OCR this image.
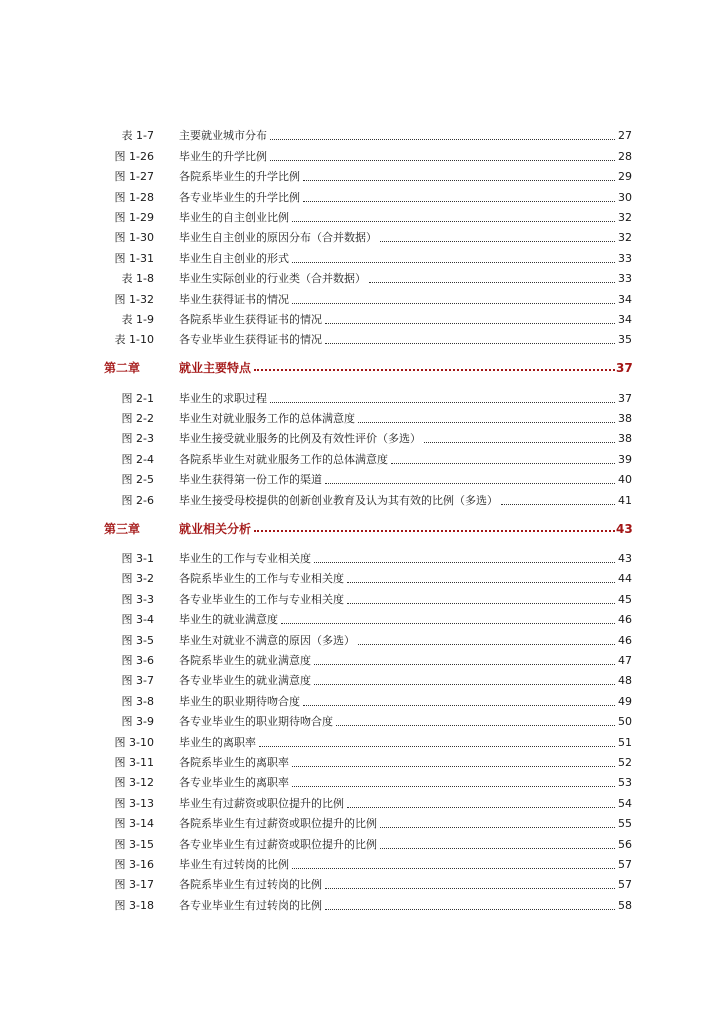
表 1-7	主要就业城市分布	27
图 1-26	毕业生的升学比例	28
图 1-27	各院系毕业生的升学比例	29
图 1-28	各专业毕业生的升学比例	30
图 1-29	毕业生的自主创业比例	32
图 1-30	毕业生自主创业的原因分布（合并数据）	32
图 1-31	毕业生自主创业的形式	33
表 1-8	毕业生实际创业的行业类（合并数据）	33
图 1-32	毕业生获得证书的情况	34
表 1-9	各院系毕业生获得证书的情况	34
表 1-10	各专业毕业生获得证书的情况	35
第二章	就业主要特点	37
图 2-1	毕业生的求职过程	37
图 2-2	毕业生对就业服务工作的总体满意度	38
图 2-3	毕业生接受就业服务的比例及有效性评价（多选）	38
图 2-4	各院系毕业生对就业服务工作的总体满意度	39
图 2-5	毕业生获得第一份工作的渠道	40
图 2-6	毕业生接受母校提供的创新创业教育及认为其有效的比例（多选）	41
第三章	就业相关分析	43
图 3-1	毕业生的工作与专业相关度	43
图 3-2	各院系毕业生的工作与专业相关度	44
图 3-3	各专业毕业生的工作与专业相关度	45
图 3-4	毕业生的就业满意度	46
图 3-5	毕业生对就业不满意的原因（多选）	46
图 3-6	各院系毕业生的就业满意度	47
图 3-7	各专业毕业生的就业满意度	48
图 3-8	毕业生的职业期待吻合度	49
图 3-9	各专业毕业生的职业期待吻合度	50
图 3-10	毕业生的离职率	51
图 3-11	各院系毕业生的离职率	52
图 3-12	各专业毕业生的离职率	53
图 3-13	毕业生有过薪资或职位提升的比例	54
图 3-14	各院系毕业生有过薪资或职位提升的比例	55
图 3-15	各专业毕业生有过薪资或职位提升的比例	56
图 3-16	毕业生有过转岗的比例	57
图 3-17	各院系毕业生有过转岗的比例	57
图 3-18	各专业毕业生有过转岗的比例	58
